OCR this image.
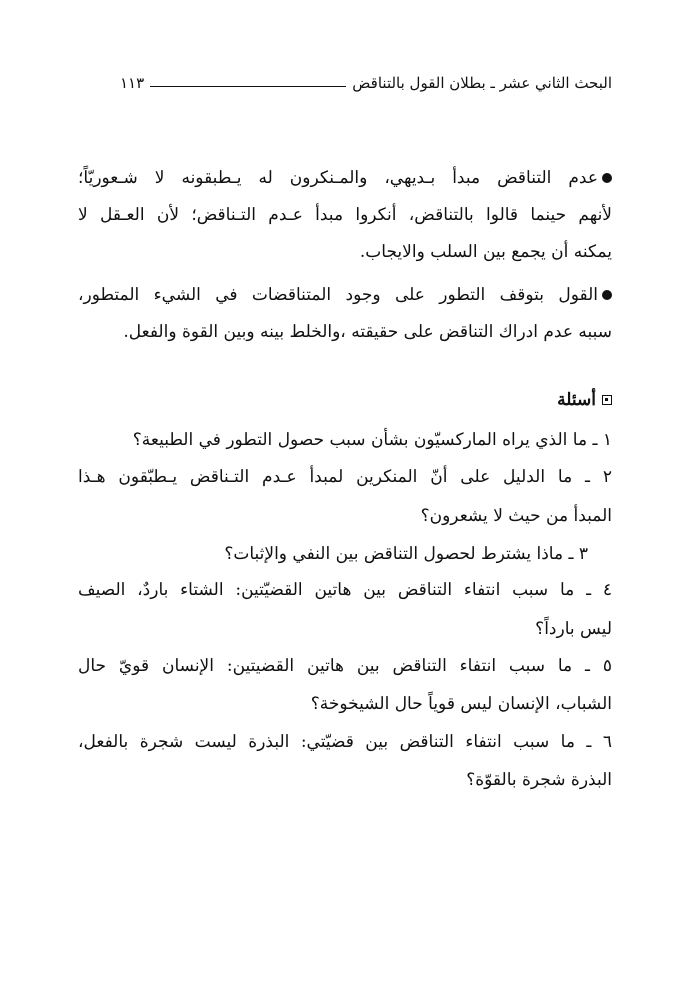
البحث الثاني عشر ـ بطلان القول بالتناقض
١١٣
عدم التناقض مبدأ بـديهي، والمـنكرون له يـطبقونه لا شـعوريّاً؛
لأنهم حينما قالوا بالتناقض، أنكروا مبدأ عـدم التـناقض؛ لأن العـقل لا
يمكنه أن يجمع بين السلب والايجاب.
القول بتوقف التطور على وجود المتناقضات في الشيء المتطور،
سببه عدم ادراك التناقض على حقيقته ،والخلط بينه وبين القوة والفعل.
أسئلة
١ ـ ما الذي يراه الماركسيّون بشأن سبب حصول التطور في الطبيعة؟
٢ ـ ما الدليل على أنّ المنكرين لمبدأ عـدم التـناقض يـطبّقون هـذا
المبدأ من حيث لا يشعرون؟
٣ ـ ماذا يشترط لحصول التناقض بين النفي والإثبات؟
٤ ـ ما سبب انتفاء التناقض بين هاتين القضيّتين: الشتاء باردٌ، الصيف
ليس بارداً؟
٥ ـ ما سبب انتفاء التناقض بين هاتين القضيتين: الإنسان قويّ حال
الشباب، الإنسان ليس قوياً حال الشيخوخة؟
٦ ـ ما سبب انتفاء التناقض بين قضيّتي: البذرة ليست شجرة بالفعل،
البذرة شجرة بالقوّة؟
